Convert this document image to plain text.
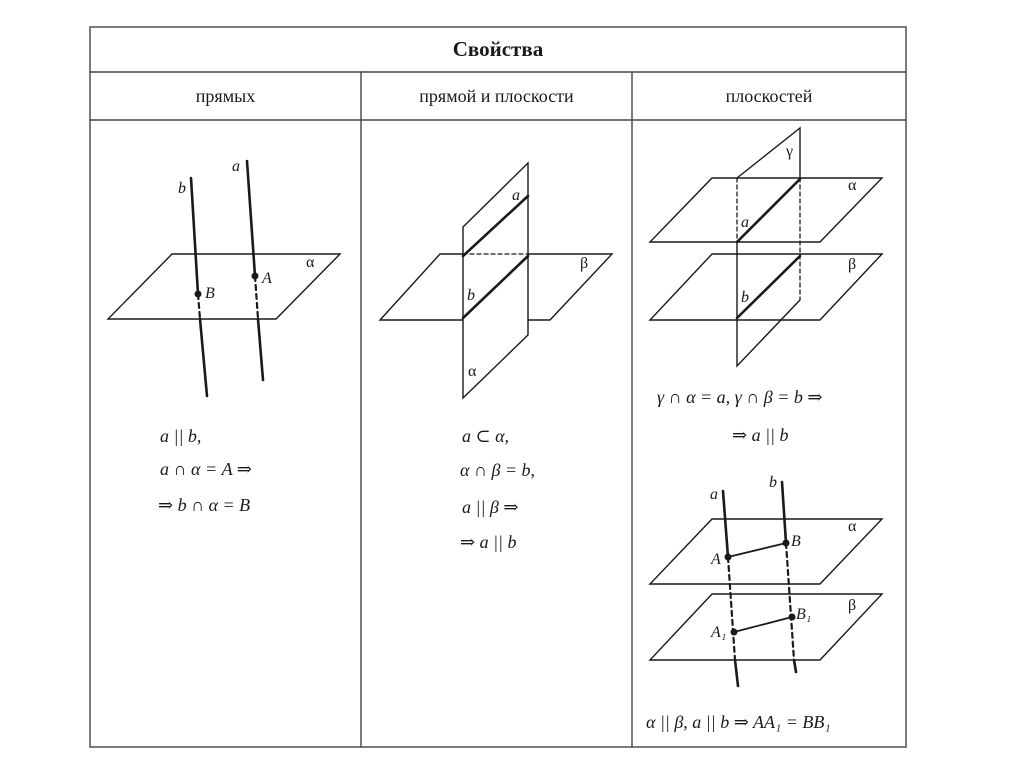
Свойства
прямых	прямой и плоскости	плоскостей
a
b
α
A
B
a || b,
a ∩ α = A ⇒
⇒ b ∩ α = B
a
b
β
α
a ⊂ α,
α ∩ β = b,
a || β ⇒
⇒ a || b
γ
α
β
a
b
γ ∩ α = a, γ ∩ β = b ⇒
⇒ a || b
a
b
α
β
A
B
A₁
B₁
α || β, a || b ⇒ AA₁ = BB₁
